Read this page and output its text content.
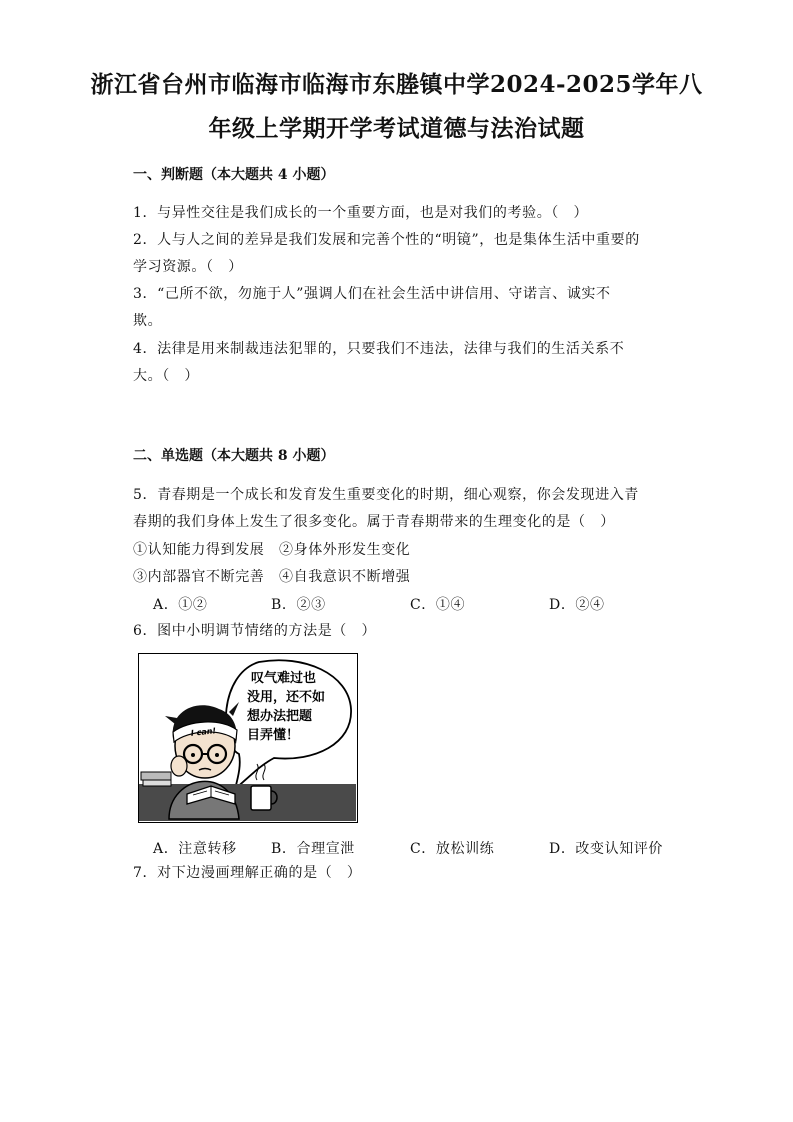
浙江省台州市临海市临海市东塍镇中学2024-2025学年八
年级上学期开学考试道德与法治试题
一、判断题（本大题共 4 小题）
1．与异性交往是我们成长的一个重要方面，也是对我们的考验。（　）
2．人与人之间的差异是我们发展和完善个性的“明镜”，也是集体生活中重要的
学习资源。（　）
3．“己所不欲，勿施于人”强调人们在社会生活中讲信用、守诺言、诚实不
欺。
4．法律是用来制裁违法犯罪的，只要我们不违法，法律与我们的生活关系不
大。（　）
二、单选题（本大题共 8 小题）
5．青春期是一个成长和发育发生重要变化的时期，细心观察，你会发现进入青
春期的我们身体上发生了很多变化。属于青春期带来的生理变化的是（　）
①认知能力得到发展　②身体外形发生变化
③内部器官不断完善　④自我意识不断增强
A．①②	B．②③	C．①④	D．②④
6．图中小明调节情绪的方法是（　）
叹气难过也
没用，还不如
想办法把题
目弄懂！
I can!
A．注意转移 B．合理宣泄	C．放松训练	D．改变认知评价
7．对下边漫画理解正确的是（　）
